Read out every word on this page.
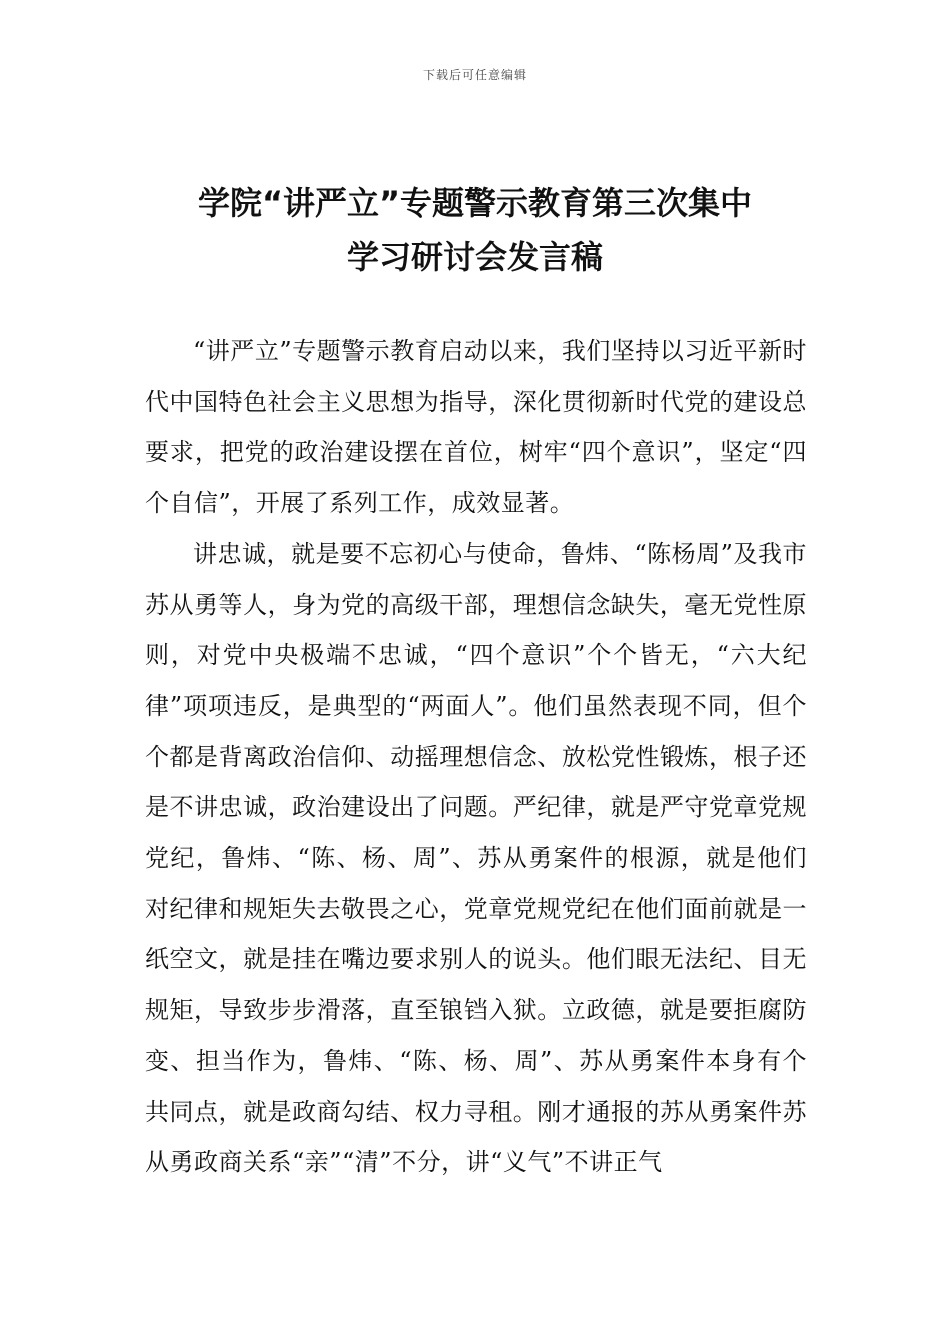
下载后可任意编辑
学院“讲严立”专题警示教育第三次集中
学习研讨会发言稿

“讲严立”专题警示教育启动以来，我们坚持以习近平新时代中国特色社会主义思想为指导，深化贯彻新时代党的建设总要求，把党的政治建设摆在首位，树牢“四个意识”，坚定“四个自信”，开展了系列工作，成效显著。

讲忠诚，就是要不忘初心与使命，鲁炜、“陈杨周”及我市苏从勇等人，身为党的高级干部，理想信念缺失，毫无党性原则，对党中央极端不忠诚，“四个意识”个个皆无，“六大纪律”项项违反，是典型的“两面人”。他们虽然表现不同，但个个都是背离政治信仰、动摇理想信念、放松党性锻炼，根子还是不讲忠诚，政治建设出了问题。严纪律，就是严守党章党规党纪，鲁炜、“陈、杨、周”、苏从勇案件的根源，就是他们对纪律和规矩失去敬畏之心，党章党规党纪在他们面前就是一纸空文，就是挂在嘴边要求别人的说头。他们眼无法纪、目无规矩，导致步步滑落，直至锒铛入狱。立政德，就是要拒腐防变、担当作为，鲁炜、“陈、杨、周”、苏从勇案件本身有个共同点，就是政商勾结、权力寻租。刚才通报的苏从勇案件苏从勇政商关系“亲”“清”不分，讲“义气”不讲正气
